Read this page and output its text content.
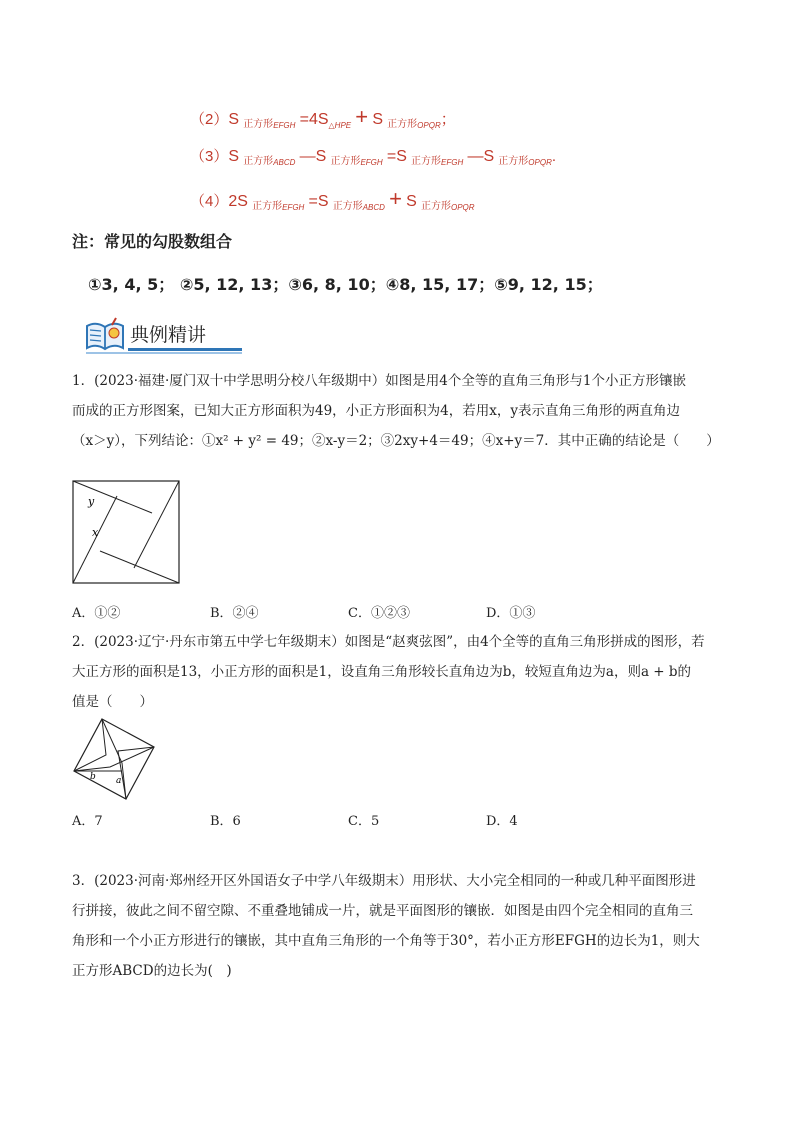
（2）S $_{正方形EFGH} =4S_{\triangle HPE} + S$ $_{正方形OPQR}$；
（3）S $_{正方形ABCD}$ —S $_{正方形EFGH}$ =S $_{正方形EFGH}$ —S $_{正方形OPQR}$.
（4）2S $_{正方形EFGH}$ =S $_{正方形ABCD}$ + S $_{正方形OPQR}$
注：常见的勾股数组合
①3, 4, 5； ②5, 12, 13；③6, 8, 10；④8, 15, 17；⑤9, 12, 15；
典例精讲
1．(2023·福建·厦门双十中学思明分校八年级期中）如图是用4个全等的直角三角形与1个小正方形镶嵌
而成的正方形图案，已知大正方形面积为49，小正方形面积为4，若用x，y表示直角三角形的两直角边
（x＞y），下列结论：①x² + y² = 49；②x-y＝2；③2xy+4＝49；④x+y＝7．其中正确的结论是（　　）
y
x
A．①②	B．②④	C．①②③	D．①③
2．(2023·辽宁·丹东市第五中学七年级期末）如图是“赵爽弦图”，由4个全等的直角三角形拼成的图形，若
大正方形的面积是13，小正方形的面积是1，设直角三角形较长直角边为b，较短直角边为a，则a + b的
值是（　　）
b a
A．7	B．6	C．5	D．4
3．(2023·河南·郑州经开区外国语女子中学八年级期末）用形状、大小完全相同的一种或几种平面图形进
行拼接，彼此之间不留空隙、不重叠地铺成一片，就是平面图形的镶嵌．如图是由四个完全相同的直角三
角形和一个小正方形进行的镶嵌，其中直角三角形的一个角等于30°，若小正方形EFGH的边长为1，则大
正方形ABCD的边长为(　)
